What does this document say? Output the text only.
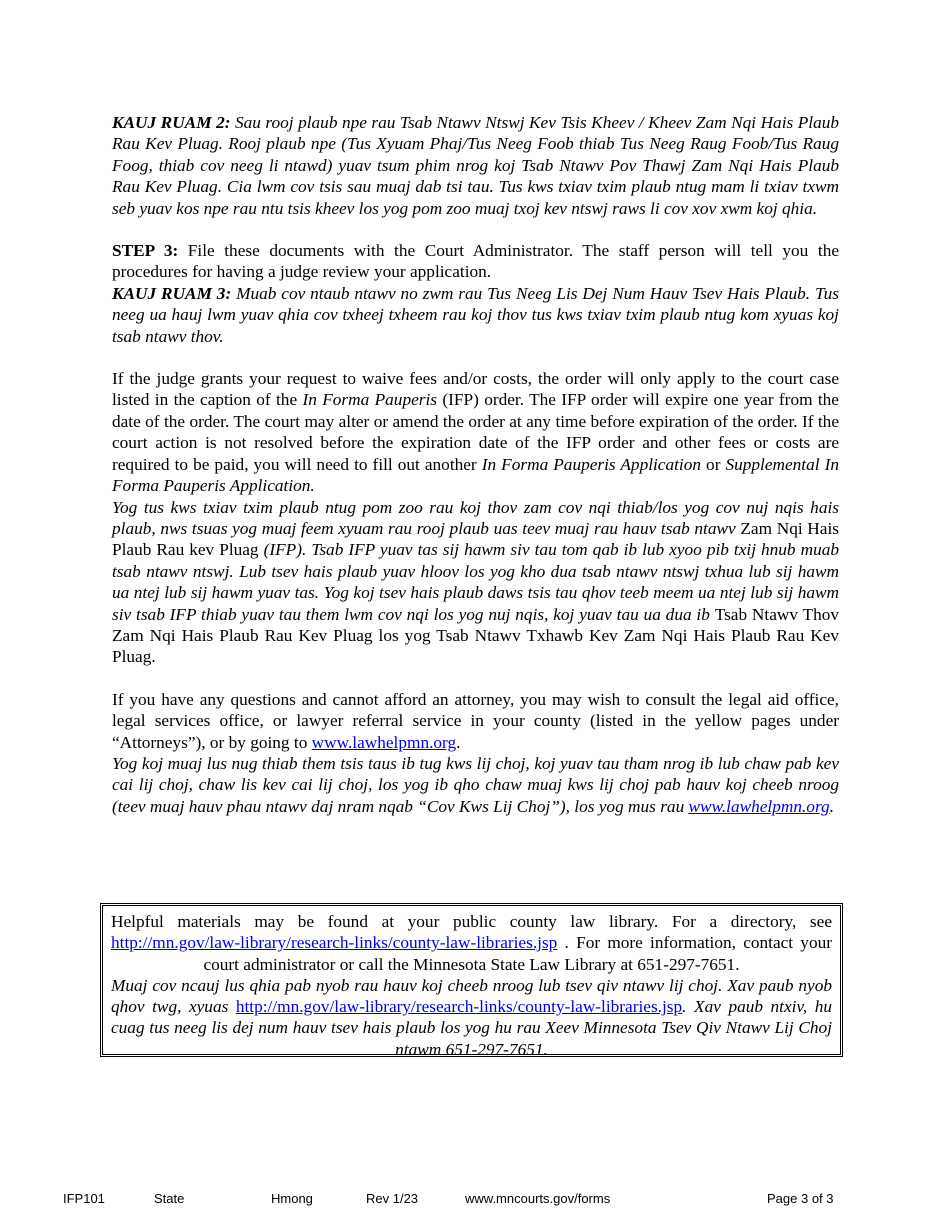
KAUJ RUAM 2: Sau rooj plaub npe rau Tsab Ntawv Ntswj Kev Tsis Kheev / Kheev Zam Nqi Hais Plaub Rau Kev Pluag. Rooj plaub npe (Tus Xyuam Phaj/Tus Neeg Foob thiab Tus Neeg Raug Foob/Tus Raug Foog, thiab cov neeg li ntawd) yuav tsum phim nrog koj Tsab Ntawv Pov Thawj Zam Nqi Hais Plaub Rau Kev Pluag. Cia lwm cov tsis sau muaj dab tsi tau. Tus kws txiav txim plaub ntug mam li txiav txwm seb yuav kos npe rau ntu tsis kheev los yog pom zoo muaj txoj kev ntswj raws li cov xov xwm koj qhia.

STEP 3: File these documents with the Court Administrator. The staff person will tell you the procedures for having a judge review your application.

KAUJ RUAM 3: Muab cov ntaub ntawv no zwm rau Tus Neeg Lis Dej Num Hauv Tsev Hais Plaub. Tus neeg ua hauj lwm yuav qhia cov txheej txheem rau koj thov tus kws txiav txim plaub ntug kom xyuas koj tsab ntawv thov.

If the judge grants your request to waive fees and/or costs, the order will only apply to the court case listed in the caption of the In Forma Pauperis (IFP) order. The IFP order will expire one year from the date of the order. The court may alter or amend the order at any time before expiration of the order. If the court action is not resolved before the expiration date of the IFP order and other fees or costs are required to be paid, you will need to fill out another In Forma Pauperis Application or Supplemental In Forma Pauperis Application.

Yog tus kws txiav txim plaub ntug pom zoo rau koj thov zam cov nqi thiab/los yog cov nuj nqis hais plaub, nws tsuas yog muaj feem xyuam rau rooj plaub uas teev muaj rau hauv tsab ntawv Zam Nqi Hais Plaub Rau kev Pluag (IFP). Tsab IFP yuav tas sij hawm siv tau tom qab ib lub xyoo pib txij hnub muab tsab ntawv ntswj. Lub tsev hais plaub yuav hloov los yog kho dua tsab ntawv ntswj txhua lub sij hawm ua ntej lub sij hawm yuav tas. Yog koj tsev hais plaub daws tsis tau qhov teeb meem ua ntej lub sij hawm siv tsab IFP thiab yuav tau them lwm cov nqi los yog nuj nqis, koj yuav tau ua dua ib Tsab Ntawv Thov Zam Nqi Hais Plaub Rau Kev Pluag los yog Tsab Ntawv Txhawb Kev Zam Nqi Hais Plaub Rau Kev Pluag.

If you have any questions and cannot afford an attorney, you may wish to consult the legal aid office, legal services office, or lawyer referral service in your county (listed in the yellow pages under “Attorneys”), or by going to www.lawhelpmn.org.

Yog koj muaj lus nug thiab them tsis taus ib tug kws lij choj, koj yuav tau tham nrog ib lub chaw pab kev cai lij choj, chaw lis kev cai lij choj, los yog ib qho chaw muaj kws lij choj pab hauv koj cheeb nroog (teev muaj hauv phau ntawv daj nram nqab “Cov Kws Lij Choj”), los yog mus rau www.lawhelpmn.org.

Helpful materials may be found at your public county law library. For a directory, see http://mn.gov/law-library/research-links/county-law-libraries.jsp . For more information, contact your court administrator or call the Minnesota State Law Library at 651-297-7651.

Muaj cov ncauj lus qhia pab nyob rau hauv koj cheeb nroog lub tsev qiv ntawv lij choj. Xav paub nyob qhov twg, xyuas http://mn.gov/law-library/research-links/county-law-libraries.jsp. Xav paub ntxiv, hu cuag tus neeg lis dej num hauv tsev hais plaub los yog hu rau Xeev Minnesota Tsev Qiv Ntawv Lij Choj ntawm 651-297-7651.

IFP101	State	Hmong	Rev 1/23	www.mncourts.gov/forms	Page 3 of 3
